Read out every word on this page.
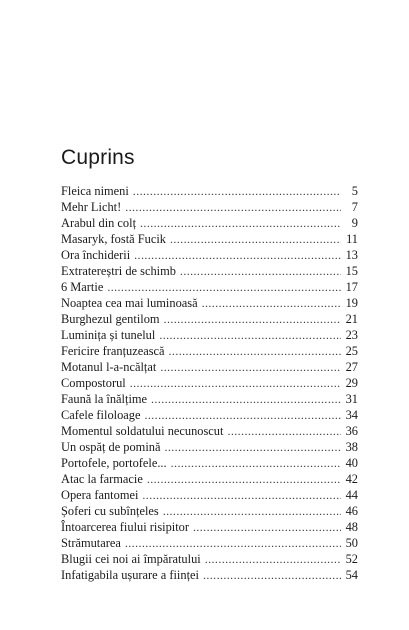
Cuprins
Fleica nimeni . . .	5
Mehr Licht! . . .	7
Arabul din colț . . .	9
Masaryk, fostă Fucik . . .	11
Ora închiderii . . .	13
Extratereștri de schimb . . .	15
6 Martie . . .	17
Noaptea cea mai luminoasă . . .	19
Burghezul gentilom . . .	21
Luminița și tunelul . . .	23
Fericire franțuzească . . .	25
Motanul l-a-ncălțat . . .	27
Compostorul . . .	29
Faună la înălțime . . .	31
Cafele filoloage . . .	34
Momentul soldatului necunoscut . . .	36
Un ospăț de pomină . . .	38
Portofele, portofele... . . .	40
Atac la farmacie . . .	42
Opera fantomei . . .	44
Șoferi cu subînțeles . . .	46
Întoarcerea fiului risipitor . . .	48
Strămutarea . . .	50
Blugii cei noi ai împăratului . . .	52
Infatigabila ușurare a ființei . . .	54
